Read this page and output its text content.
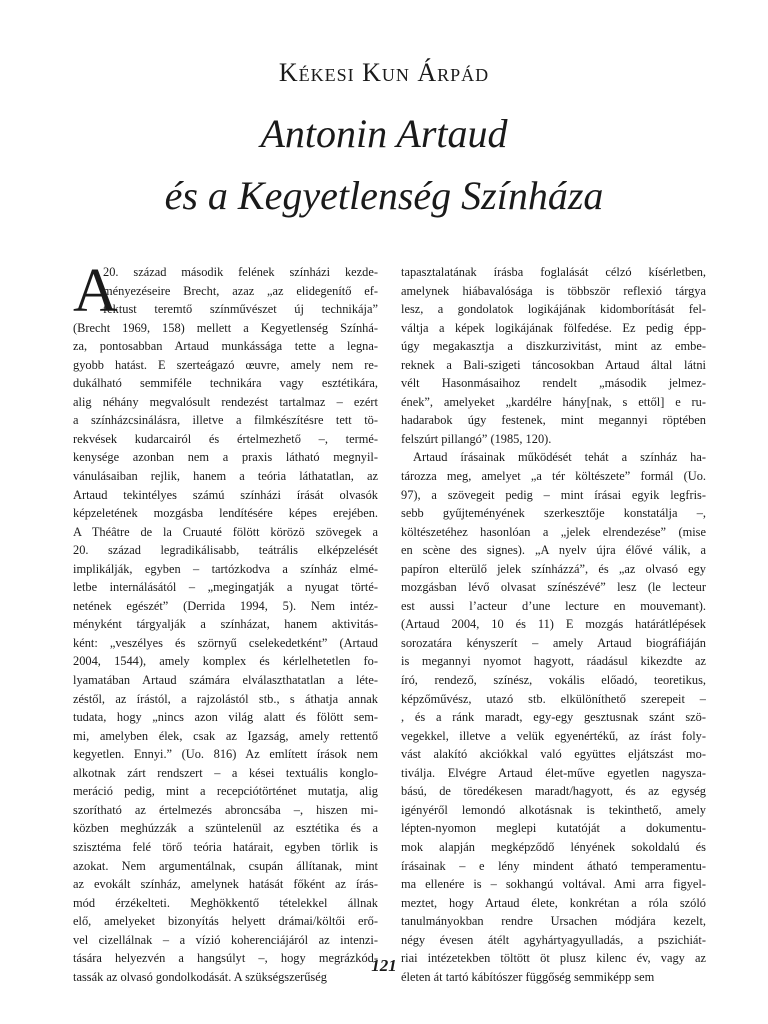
Kékesi Kun Árpád
Antonin Artaud
és a Kegyetlenség Színháza
A
20. század második felének színházi kezde-
ményezéseire Brecht, azaz „az elidegenítő ef-
fektust teremtő színművészet új technikája”
(Brecht 1969, 158) mellett a Kegyetlenség Színhá-
za, pontosabban Artaud munkássága tette a legna-
gyobb hatást. E szerteágazó œuvre, amely nem re-
dukálható semmiféle technikára vagy esztétikára,
alig néhány megvalósult rendezést tartalmaz – ezért
a színházcsinálásra, illetve a filmkészítésre tett tö-
rekvések kudarcairól és értelmezhető –, termé-
kenysége azonban nem a praxis látható megnyil-
vánulásaiban rejlik, hanem a teória láthatatlan, az
Artaud tekintélyes számú színházi írását olvasók
képzeletének mozgásba lendítésére képes erejében.
A Théâtre de la Cruauté fölött körözö szövegek a
20. század legradikálisabb, teátrális elképzelését
implikálják, egyben – tartózkodva a színház elmé-
letbe internálásától – „megingatják a nyugat törté-
netének egészét” (Derrida 1994, 5). Nem intéz-
ményként tárgyalják a színházat, hanem aktivitás-
ként: „veszélyes és szörnyű cselekedetként” (Artaud
2004, 1544), amely komplex és kérlelhetetlen fo-
lyamatában Artaud számára elválaszthatatlan a léte-
zéstől, az írástól, a rajzolástól stb., s áthatja annak
tudata, hogy „nincs azon világ alatt és fölött sem-
mi, amelyben élek, csak az Igazság, amely rettentő
kegyetlen. Ennyi.” (Uo. 816) Az említett írások nem
alkotnak zárt rendszert – a kései textuális konglo-
meráció pedig, mint a recepciótörténet mutatja, alig
szorítható az értelmezés abroncsába –, hiszen mi-
közben meghúzzák a szüntelenül az esztétika és a
szisztéma felé törő teória határait, egyben törlik is
azokat. Nem argumentálnak, csupán állítanak, mint
az evokált színház, amelynek hatását főként az írás-
mód érzékelteti. Meghökkentő tételekkel állnak
elő, amelyeket bizonyítás helyett drámai/költői erő-
vel cizellálnak – a vízió koherenciájáról az intenzi-
tására helyezvén a hangsúlyt –, hogy megrázkód-
tassák az olvasó gondolkodását. A szükségszerűség
tapasztalatának írásba foglalását célzó kísérletben,
amelynek hiábavalósága is többször reflexió tárgya
lesz, a gondolatok logikájának kidomborítását fel-
váltja a képek logikájának fölfedése. Ez pedig épp-
úgy megakasztja a diszkurzivitást, mint az embe-
reknek a Bali-szigeti táncosokban Artaud által látni
vélt Hasonmásaihoz rendelt „második jelmez-
ének”, amelyeket „kardélre hány[nak, s ettől] e ru-
hadarabok úgy festenek, mint megannyi röptében
felszúrt pillangó” (1985, 120).
Artaud írásainak működését tehát a színház ha-
tározza meg, amelyet „a tér költészete” formál (Uo.
97), a szövegeit pedig – mint írásai egyik legfris-
sebb gyűjteményének szerkesztője konstatálja –,
költészetéhez hasonlóan a „jelek elrendezése” (mise
en scène des signes). „A nyelv újra élővé válik, a
papíron elterülő jelek színházzá”, és „az olvasó egy
mozgásban lévő olvasat színészévé” lesz (le lecteur
est aussi l’acteur d’une lecture en mouvemant).
(Artaud 2004, 10 és 11) E mozgás határátlépések
sorozatára kényszerít – amely Artaud biográfiáján
is megannyi nyomot hagyott, ráadásul kikezdte az
író, rendező, színész, vokális előadó, teoretikus,
képzőművész, utazó stb. elkülöníthető szerepeit –
, és a ránk maradt, egy-egy gesztusnak szánt szö-
vegekkel, illetve a velük egyenértékű, az írást foly-
vást alakító akciókkal való együttes eljátszást mo-
tiválja. Elvégre Artaud élet-műve egyetlen nagysza-
bású, de töredékesen maradt/hagyott, és az egység
igényéről lemondó alkotásnak is tekinthető, amely
lépten-nyomon meglepi kutatóját a dokumentu-
mok alapján megképződő lényének sokoldalú és
írásainak – e lény mindent átható temperamentu-
ma ellenére is – sokhangú voltával. Ami arra figyel-
meztet, hogy Artaud élete, konkrétan a róla szóló
tanulmányokban rendre Ursachen módjára kezelt,
négy évesen átélt agyhártyagyulladás, a pszichiát-
riai intézetekben töltött öt plusz kilenc év, vagy az
életen át tartó kábítószer függőség semmiképp sem
121
